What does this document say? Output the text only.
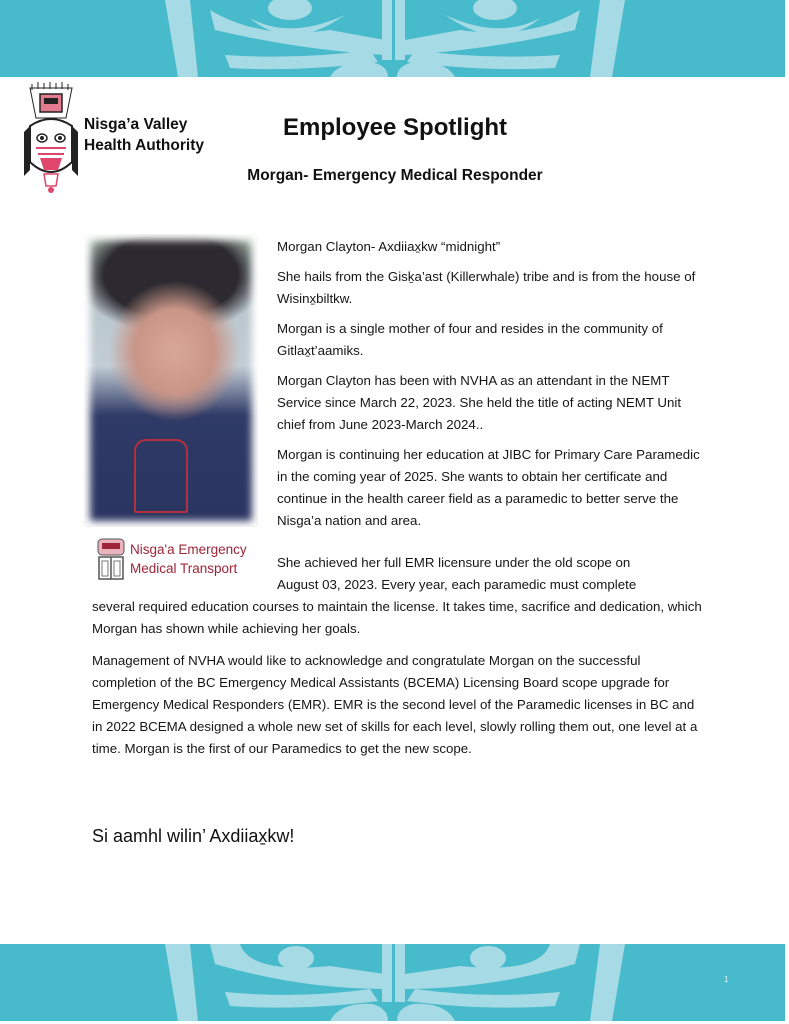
Nisga’a Valley
Health Authority
Employee Spotlight
Morgan- Emergency Medical Responder
Nisga'a Emergency
Medical Transport

Morgan Clayton- Axdiiax̱kw “midnight”

She hails from the Gisḵa’ast (Killerwhale) tribe and is from the house of Wisinx̱biltkw.

Morgan is a single mother of four and resides in the community of Gitlax̱t’aamiks.

Morgan Clayton has been with NVHA as an attendant in the NEMT Service since March 22, 2023. She held the title of acting NEMT Unit chief from June 2023-March 2024..

Morgan is continuing her education at JIBC for Primary Care Paramedic in the coming year of 2025. She wants to obtain her certificate and continue in the health career field as a paramedic to better serve the Nisga’a nation and area.

She achieved her full EMR licensure under the old scope on
August 03, 2023. Every year, each paramedic must complete
several required education courses to maintain the license. It takes time, sacrifice and dedication, which Morgan has shown while achieving her goals.
Management of NVHA would like to acknowledge and congratulate Morgan on the successful completion of the BC Emergency Medical Assistants (BCEMA) Licensing Board scope upgrade for Emergency Medical Responders (EMR). EMR is the second level of the Paramedic licenses in BC and in 2022 BCEMA designed a whole new set of skills for each level, slowly rolling them out, one level at a time. Morgan is the first of our Paramedics to get the new scope.
Si aamhl wilin’ Axdiiax̱kw!
1
